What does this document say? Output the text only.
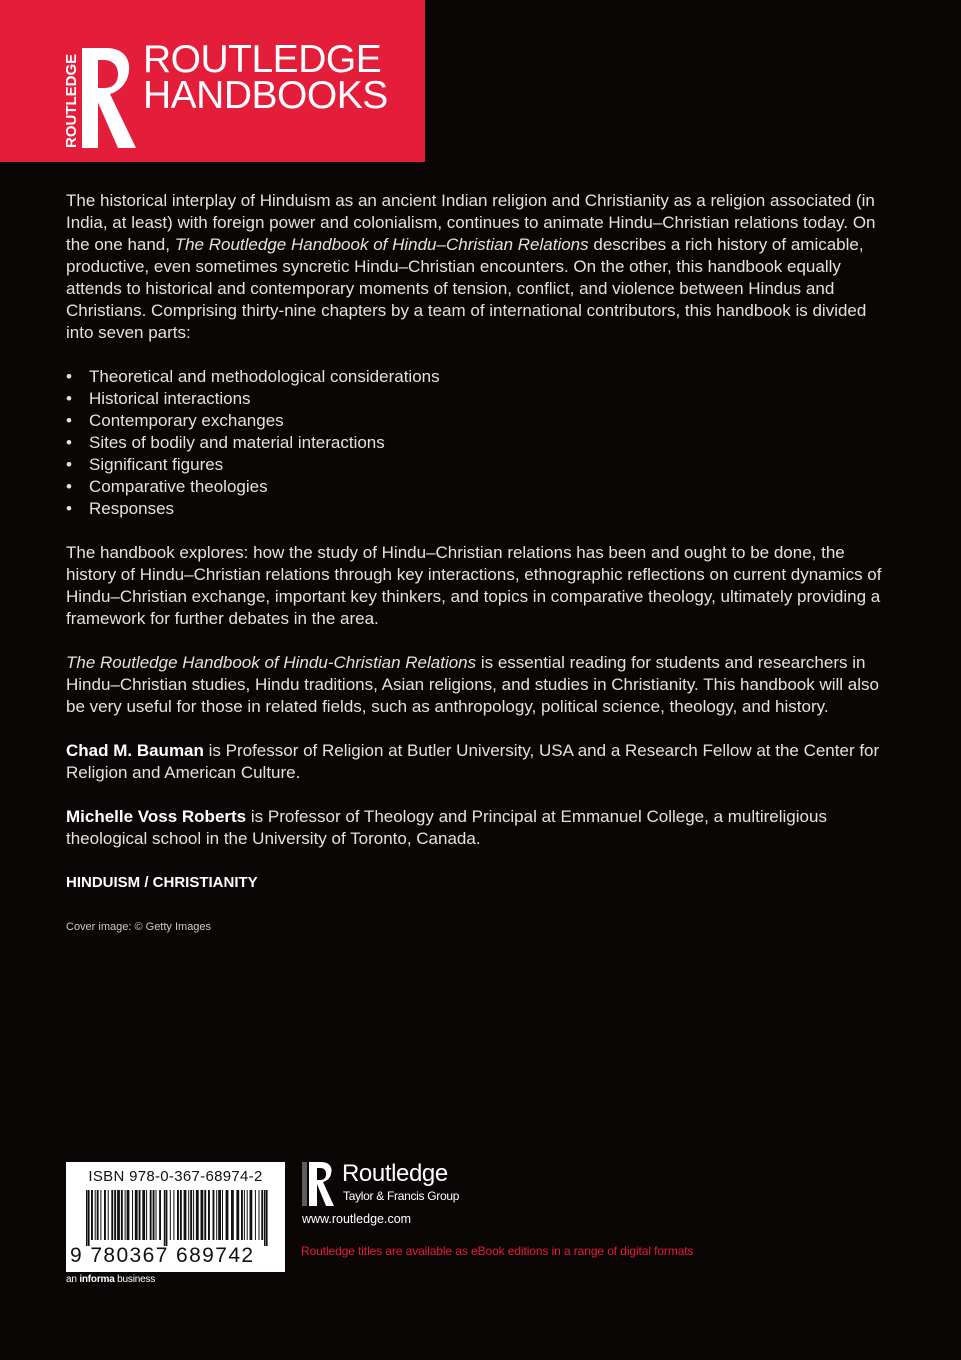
ROUTLEDGE ROUTLEDGE
HANDBOOKS

The historical interplay of Hinduism as an ancient Indian religion and Christianity as a religion associated (in India, at least) with foreign power and colonialism, continues to animate Hindu–Christian relations today. On the one hand, The Routledge Handbook of Hindu–Christian Relations describes a rich history of amicable, productive, even sometimes syncretic Hindu–Christian encounters. On the other, this handbook equally attends to historical and contemporary moments of tension, conflict, and violence between Hindus and Christians. Comprising thirty-nine chapters by a team of international contributors, this handbook is divided into seven parts:

• Theoretical and methodological considerations
• Historical interactions
• Contemporary exchanges
• Sites of bodily and material interactions
• Significant figures
• Comparative theologies
• Responses

The handbook explores: how the study of Hindu–Christian relations has been and ought to be done, the history of Hindu–Christian relations through key interactions, ethnographic reflections on current dynamics of Hindu–Christian exchange, important key thinkers, and topics in comparative theology, ultimately providing a framework for further debates in the area.

The Routledge Handbook of Hindu-Christian Relations is essential reading for students and researchers in Hindu–Christian studies, Hindu traditions, Asian religions, and studies in Christianity. This handbook will also be very useful for those in related fields, such as anthropology, political science, theology, and history.

Chad M. Bauman is Professor of Religion at Butler University, USA and a Research Fellow at the Center for Religion and American Culture.

Michelle Voss Roberts is Professor of Theology and Principal at Emmanuel College, a multireligious theological school in the University of Toronto, Canada.

HINDUISM / CHRISTIANITY
Cover image: © Getty Images
ISBN 978-0-367-68974-2
9 780367 689742
an informa business
Routledge
Taylor & Francis Group
www.routledge.com
Routledge titles are available as eBook editions in a range of digital formats
